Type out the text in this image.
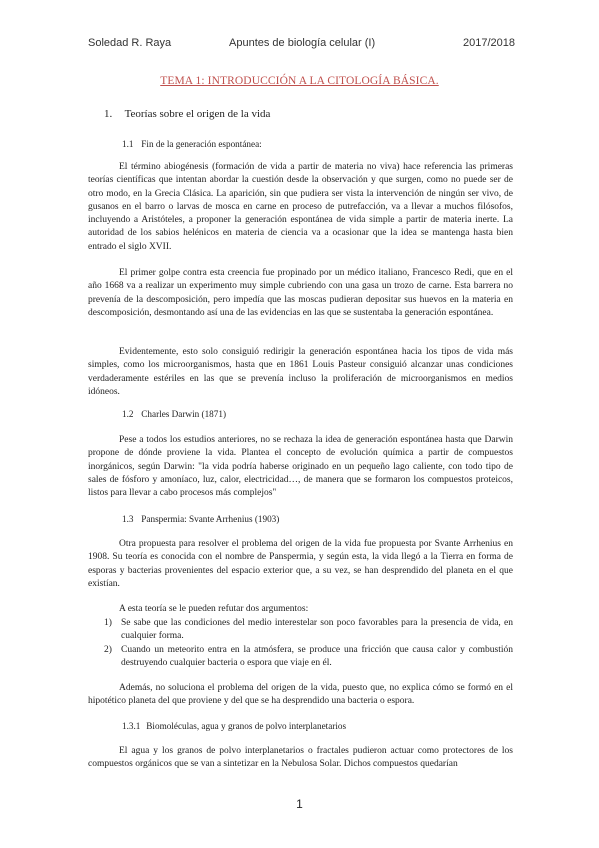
Soledad R. Raya	Apuntes de biología celular (I)	2017/2018
TEMA 1: INTRODUCCIÓN A LA CITOLOGÍA BÁSICA.
1. Teorías sobre el origen de la vida
1.1 Fin de la generación espontánea:

El término abiogénesis (formación de vida a partir de materia no viva) hace referencia las primeras teorías científicas que intentan abordar la cuestión desde la observación y que surgen, como no puede ser de otro modo, en la Grecia Clásica. La aparición, sin que pudiera ser vista la intervención de ningún ser vivo, de gusanos en el barro o larvas de mosca en carne en proceso de putrefacción, va a llevar a muchos filósofos, incluyendo a Aristóteles, a proponer la generación espontánea de vida simple a partir de materia inerte. La autoridad de los sabios helénicos en materia de ciencia va a ocasionar que la idea se mantenga hasta bien entrado el siglo XVII.

El primer golpe contra esta creencia fue propinado por un médico italiano, Francesco Redi, que en el año 1668 va a realizar un experimento muy simple cubriendo con una gasa un trozo de carne. Esta barrera no prevenía de la descomposición, pero impedía que las moscas pudieran depositar sus huevos en la materia en descomposición, desmontando así una de las evidencias en las que se sustentaba la generación espontánea.

Evidentemente, esto solo consiguió redirigir la generación espontánea hacia los tipos de vida más simples, como los microorganismos, hasta que en 1861 Louis Pasteur consiguió alcanzar unas condiciones verdaderamente estériles en las que se prevenía incluso la proliferación de microorganismos en medios idóneos.

1.2 Charles Darwin (1871)

Pese a todos los estudios anteriores, no se rechaza la idea de generación espontánea hasta que Darwin propone de dónde proviene la vida. Plantea el concepto de evolución química a partir de compuestos inorgánicos, según Darwin: "la vida podría haberse originado en un pequeño lago caliente, con todo tipo de sales de fósforo y amoníaco, luz, calor, electricidad…, de manera que se formaron los compuestos proteicos, listos para llevar a cabo procesos más complejos"

1.3 Panspermia: Svante Arrhenius (1903)

Otra propuesta para resolver el problema del origen de la vida fue propuesta por Svante Arrhenius en 1908. Su teoría es conocida con el nombre de Panspermia, y según esta, la vida llegó a la Tierra en forma de esporas y bacterias provenientes del espacio exterior que, a su vez, se han desprendido del planeta en el que existían.

A esta teoría se le pueden refutar dos argumentos:

1) Se sabe que las condiciones del medio interestelar son poco favorables para la presencia de vida, en cualquier forma.
2) Cuando un meteorito entra en la atmósfera, se produce una fricción que causa calor y combustión destruyendo cualquier bacteria o espora que viaje en él.

Además, no soluciona el problema del origen de la vida, puesto que, no explica cómo se formó en el hipotético planeta del que proviene y del que se ha desprendido una bacteria o espora.

1.3.1 Biomoléculas, agua y granos de polvo interplanetarios

El agua y los granos de polvo interplanetarios o fractales pudieron actuar como protectores de los compuestos orgánicos que se van a sintetizar en la Nebulosa Solar. Dichos compuestos quedarían

1
